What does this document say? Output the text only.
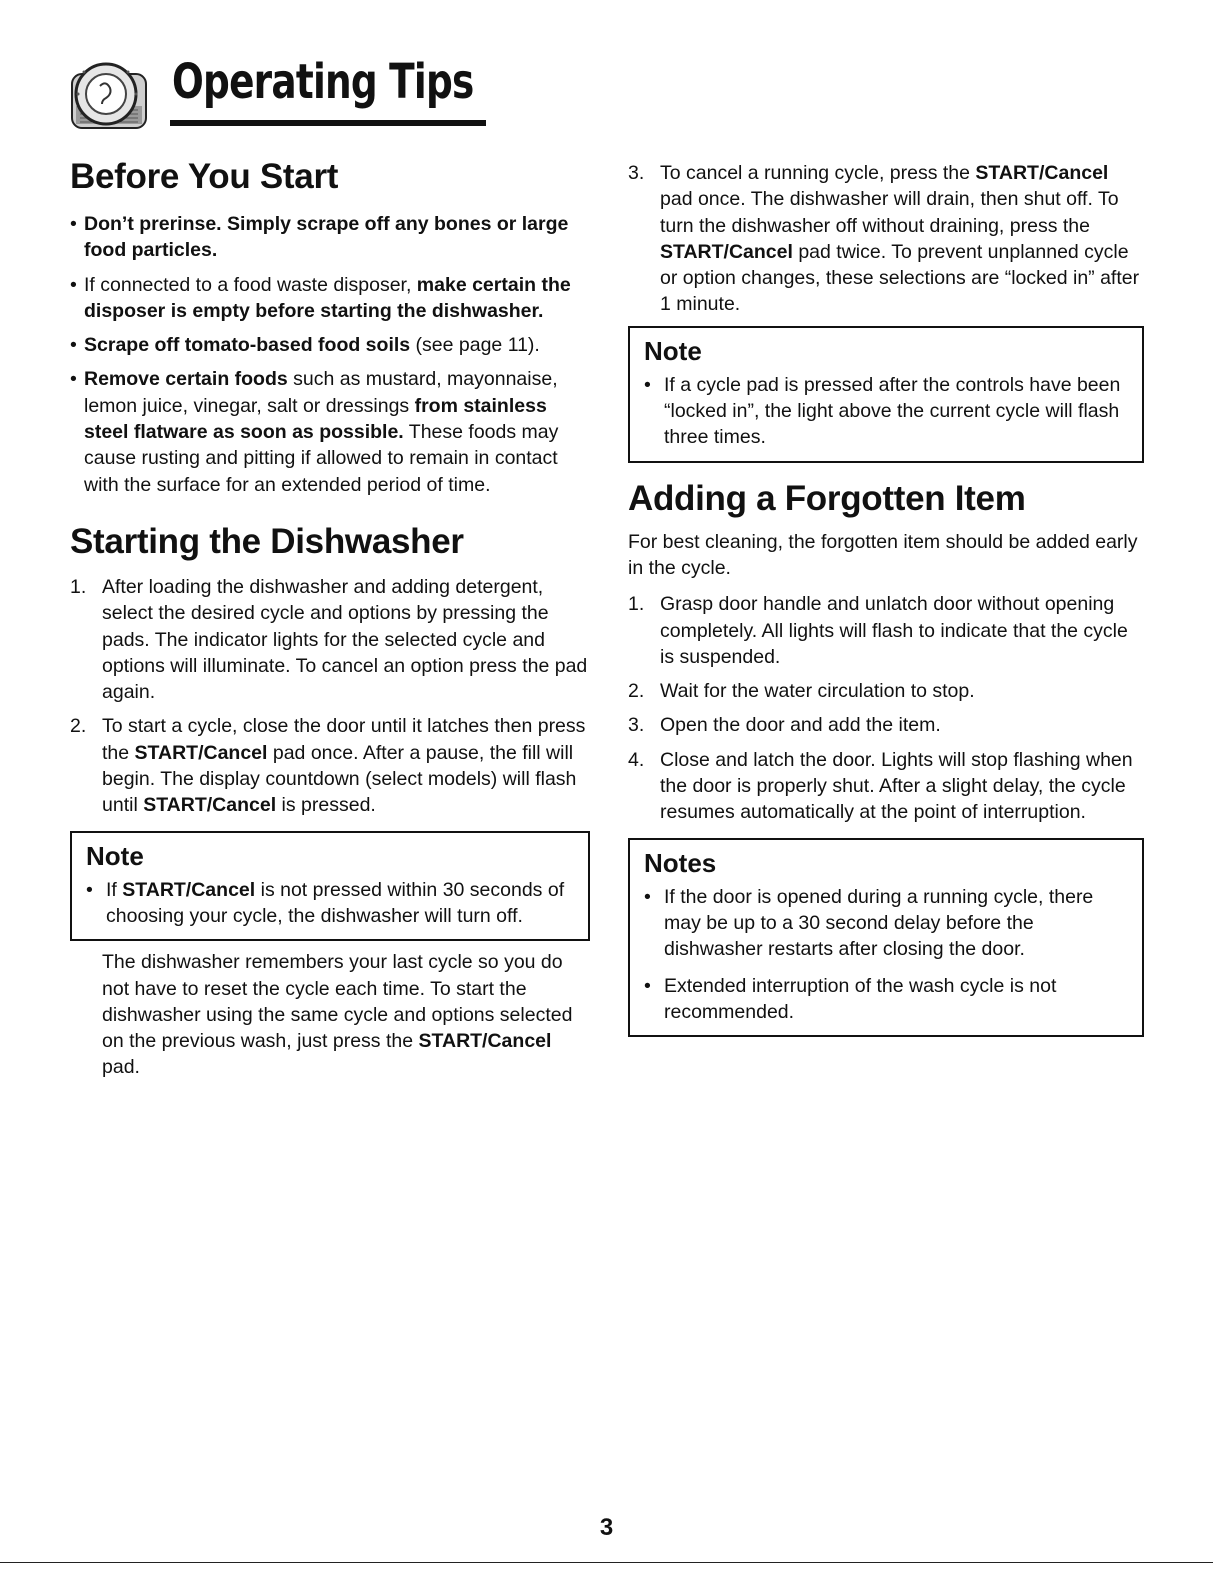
Operating Tips
Before You Start
• Don’t prerinse. Simply scrape off any bones or large food particles.
• If connected to a food waste disposer, make certain the disposer is empty before starting the dishwasher.
• Scrape off tomato-based food soils (see page 11).
• Remove certain foods such as mustard, mayonnaise, lemon juice, vinegar, salt or dressings from stainless steel flatware as soon as possible. These foods may cause rusting and pitting if allowed to remain in contact with the surface for an extended period of time.
Starting the Dishwasher
1. After loading the dishwasher and adding detergent, select the desired cycle and options by pressing the pads. The indicator lights for the selected cycle and options will illuminate. To cancel an option press the pad again.
2. To start a cycle, close the door until it latches then press the START/Cancel pad once. After a pause, the fill will begin. The display countdown (select models) will flash until START/Cancel is pressed.
Note
• If START/Cancel is not pressed within 30 seconds of choosing your cycle, the dishwasher will turn off.

The dishwasher remembers your last cycle so you do not have to reset the cycle each time. To start the dishwasher using the same cycle and options selected on the previous wash, just press the START/Cancel pad.

3. To cancel a running cycle, press the START/Cancel pad once. The dishwasher will drain, then shut off. To turn the dishwasher off without draining, press the START/Cancel pad twice. To prevent unplanned cycle or option changes, these selections are “locked in” after 1 minute.
Note
• If a cycle pad is pressed after the controls have been “locked in”, the light above the current cycle will flash three times.
Adding a Forgotten Item

For best cleaning, the forgotten item should be added early in the cycle.

1. Grasp door handle and unlatch door without opening completely. All lights will flash to indicate that the cycle is suspended.
2. Wait for the water circulation to stop.
3. Open the door and add the item.
4. Close and latch the door. Lights will stop flashing when the door is properly shut. After a slight delay, the cycle resumes automatically at the point of interruption.
Notes
• If the door is opened during a running cycle, there may be up to a 30 second delay before the dishwasher restarts after closing the door.
• Extended interruption of the wash cycle is not recommended.
3
